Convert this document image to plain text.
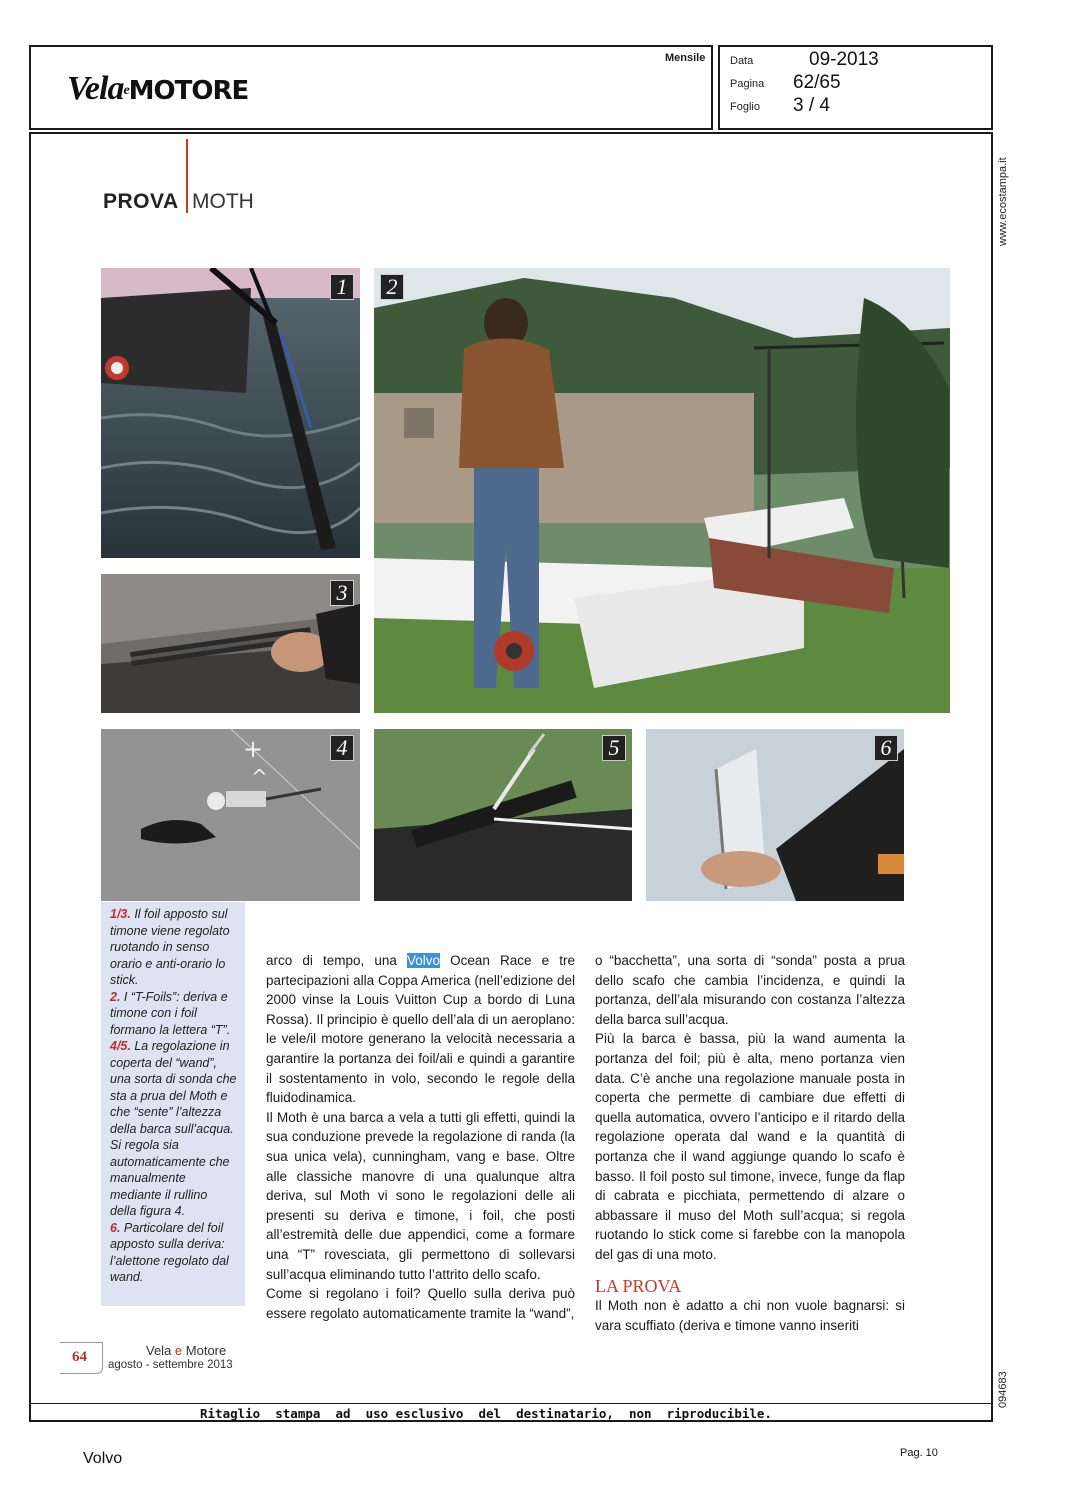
VelaeMOTORE
Mensile Data	09-2013
Pagina 62/65
Foglio 3 / 4
www.ecostampa.it
094683
PROVA MOTH
1 2
3
+
^
4	5	6

1/3. Il foil apposto sul timone viene regolato ruotando in senso orario e anti-orario lo stick.

2. I “T-Foils”: deriva e timone con i foil formano la lettera “T”.

4/5. La regolazione in coperta del “wand”, una sorta di sonda che sta a prua del Moth e che “sente” l’altezza della barca sull’acqua. Si regola sia automaticamente che manualmente mediante il rullino della figura 4.

6. Particolare del foil apposto sulla deriva: l’alettone regolato dal wand.

arco di tempo, una Volvo Ocean Race e tre partecipazioni alla Coppa America (nell’edizione del 2000 vinse la Louis Vuitton Cup a bordo di Luna Rossa). Il principio è quello dell’ala di un aeroplano: le vele/il motore generano la velocità necessaria a garantire la portanza dei foil/ali e quindi a garantire il sostentamento in volo, secondo le regole della fluidodinamica.

Il Moth è una barca a vela a tutti gli effetti, quindi la sua conduzione prevede la regolazione di randa (la sua unica vela), cunningham, vang e base. Oltre alle classiche manovre di una qualunque altra deriva, sul Moth vi sono le regolazioni delle ali presenti su deriva e timone, i foil, che posti all’estremità delle due appendici, come a formare una “T” rovesciata, gli permettono di sollevarsi sull’acqua eliminando tutto l’attrito dello scafo.

Come si regolano i foil? Quello sulla deriva può essere regolato automaticamente tramite la “wand”,

o “bacchetta”, una sorta di “sonda” posta a prua dello scafo che cambia l’incidenza, e quindi la portanza, dell’ala misurando con costanza l’altezza della barca sull’acqua.

Più la barca è bassa, più la wand aumenta la portanza del foil; più è alta, meno portanza vien data. C’è anche una regolazione manuale posta in coperta che permette di cambiare due effetti di quella automatica, ovvero l’anticipo e il ritardo della regolazione operata dal wand e la quantità di portanza che il wand aggiunge quando lo scafo è basso. Il foil posto sul timone, invece, funge da flap di cabrata e picchiata, permettendo di alzare o abbassare il muso del Moth sull’acqua; si regola ruotando lo stick come si farebbe con la manopola del gas di una moto.

LA PROVA

Il Moth non è adatto a chi non vuole bagnarsi: si vara scuffiato (deriva e timone vanno inseriti

64	Vela e Motore
agosto - settembre 2013
Ritaglio  stampa  ad  uso esclusivo  del  destinatario,  non  riproducibile.
Volvo	Pag. 10
